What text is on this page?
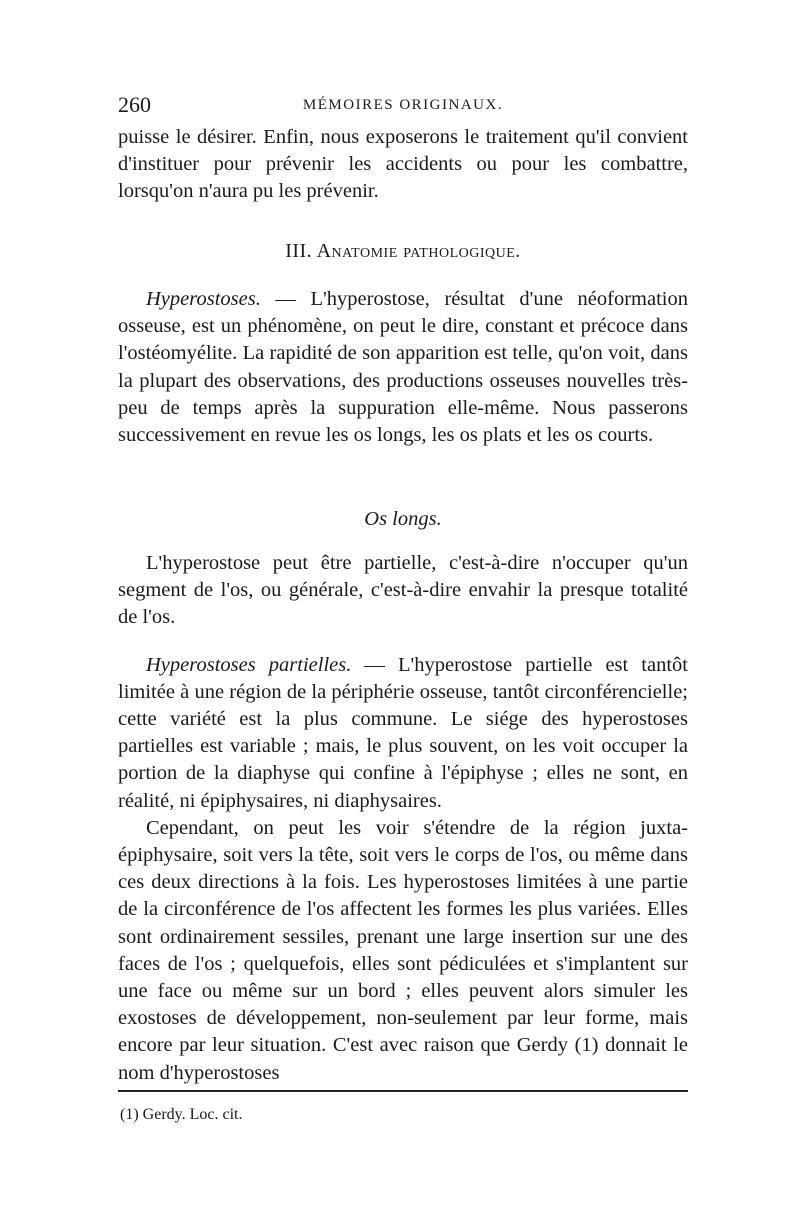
260	MÉMOIRES ORIGINAUX.

puisse le désirer. Enfin, nous exposerons le traitement qu'il convient d'instituer pour prévenir les accidents ou pour les combattre, lorsqu'on n'aura pu les prévenir.

III. Anatomie pathologique.

Hyperostoses. — L'hyperostose, résultat d'une néoformation osseuse, est un phénomène, on peut le dire, constant et précoce dans l'ostéomyélite. La rapidité de son apparition est telle, qu'on voit, dans la plupart des observations, des productions osseuses nouvelles très-peu de temps après la suppuration elle-même. Nous passerons successivement en revue les os longs, les os plats et les os courts.

Os longs.

L'hyperostose peut être partielle, c'est-à-dire n'occuper qu'un segment de l'os, ou générale, c'est-à-dire envahir la presque totalité de l'os.

Hyperostoses partielles. — L'hyperostose partielle est tantôt limitée à une région de la périphérie osseuse, tantôt circonférencielle; cette variété est la plus commune. Le siége des hyperostoses partielles est variable ; mais, le plus souvent, on les voit occuper la portion de la diaphyse qui confine à l'épiphyse ; elles ne sont, en réalité, ni épiphysaires, ni diaphysaires.

Cependant, on peut les voir s'étendre de la région juxta-épiphysaire, soit vers la tête, soit vers le corps de l'os, ou même dans ces deux directions à la fois. Les hyperostoses limitées à une partie de la circonférence de l'os affectent les formes les plus variées. Elles sont ordinairement sessiles, prenant une large insertion sur une des faces de l'os ; quelquefois, elles sont pédiculées et s'implantent sur une face ou même sur un bord ; elles peuvent alors simuler les exostoses de développement, non-seulement par leur forme, mais encore par leur situation. C'est avec raison que Gerdy (1) donnait le nom d'hyperostoses

(1) Gerdy. Loc. cit.
